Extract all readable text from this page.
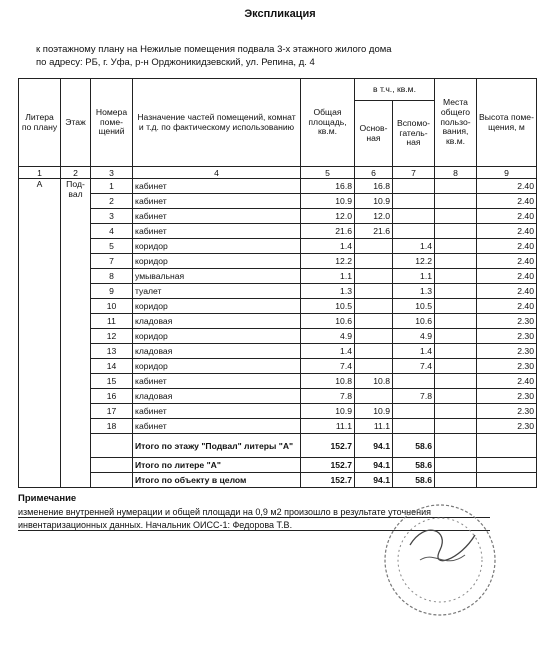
Экспликация
к поэтажному плану на Нежилые помещения подвала 3-х этажного жилого дома
по адресу: РБ, г. Уфа, р-н Орджоникидзевский, ул. Репина, д. 4
Литера по плану	Этаж	Номера поме-щений	Назначение частей помещений, комнат и т.д. по фактическому использованию	Общая площадь, кв.м.	в т.ч., кв.м.		Места общего пользо-вания, кв.м.	Высота поме-щения, м
					Основ-ная	Вспомо-гатель-ная		
1	2	3	4	5	6	7	8	9
А	Под-вал	1	кабинет	16.8	16.8			2.40
		2	кабинет	10.9	10.9			2.40
		3	кабинет	12.0	12.0			2.40
		4	кабинет	21.6	21.6			2.40
		5	коридор	1.4		1.4		2.40
		7	коридор	12.2		12.2		2.40
		8	умывальная	1.1		1.1		2.40
		9	туалет	1.3		1.3		2.40
		10	коридор	10.5		10.5		2.40
		11	кладовая	10.6		10.6		2.30
		12	коридор	4.9		4.9		2.30
		13	кладовая	1.4		1.4		2.30
		14	коридор	7.4		7.4		2.30
		15	кабинет	10.8	10.8			2.40
		16	кладовая	7.8		7.8		2.30
		17	кабинет	10.9	10.9			2.30
		18	кабинет	11.1	11.1			2.30
			Итого по этажу "Подвал" литеры "А"	152.7	94.1	58.6		
			Итого по литере "А"	152.7	94.1	58.6		
			Итого по объекту в целом	152.7	94.1	58.6		
Примечание
изменение внутренней нумерации и общей площади на 0,9 м2 произошло в результате уточнения
инвентаризационных данных. Начальник ОИСС-1: Федорова Т.В.
